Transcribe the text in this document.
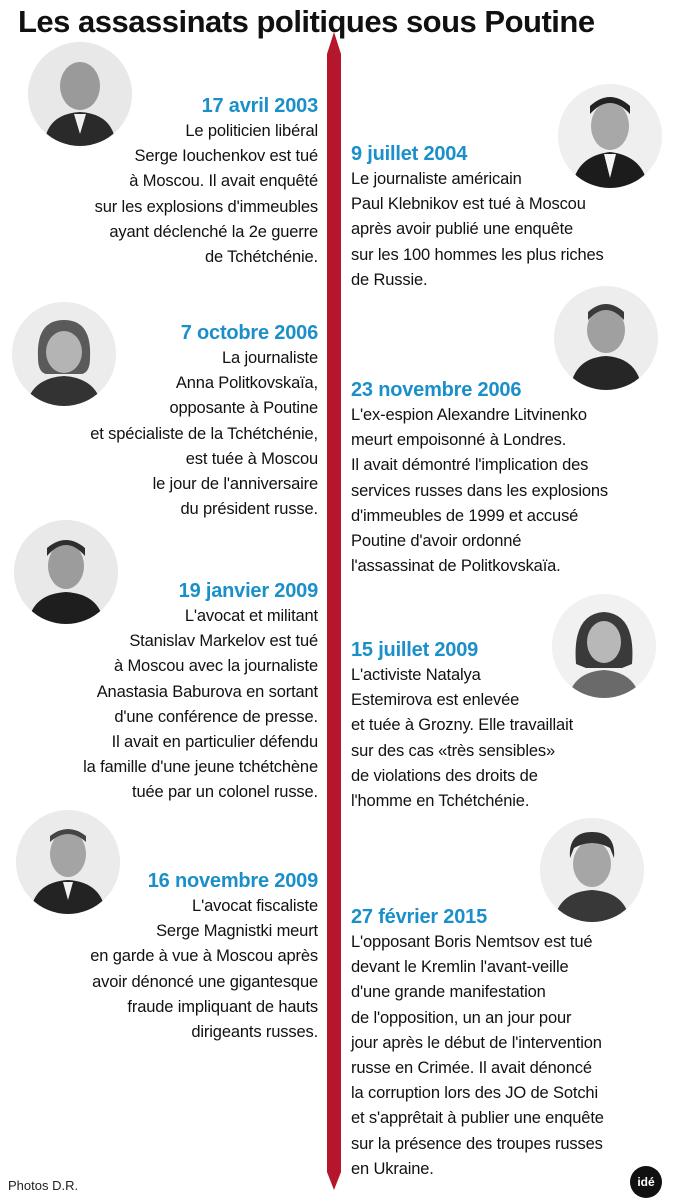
Les assassinats politiques sous Poutine
17 avril 2003
Le politicien libéral
Serge Iouchenkov est tué
à Moscou. Il avait enquêté
sur les explosions d'immeubles
ayant déclenché la 2e guerre
de Tchétchénie.
9 juillet 2004
Le journaliste américain
Paul Klebnikov est tué à Moscou
après avoir publié une enquête
sur les 100 hommes les plus riches
de Russie.
7 octobre 2006
La journaliste
Anna Politkovskaïa,
opposante à Poutine
et spécialiste de la Tchétchénie,
est tuée à Moscou
le jour de l'anniversaire
du président russe.
23 novembre 2006
L'ex-espion Alexandre Litvinenko
meurt empoisonné à Londres.
Il avait démontré l'implication des
services russes dans les explosions
d'immeubles de 1999 et accusé
Poutine d'avoir ordonné
l'assassinat de Politkovskaïa.
19 janvier 2009
L'avocat et militant
Stanislav Markelov est tué
à Moscou avec la journaliste
Anastasia Baburova en sortant
d'une conférence de presse.
Il avait en particulier défendu
la famille d'une jeune tchétchène
tuée par un colonel russe.
15 juillet 2009
L'activiste Natalya
Estemirova est enlevée
et tuée à Grozny. Elle travaillait
sur des cas «très sensibles»
de violations des droits de
l'homme en Tchétchénie.
16 novembre 2009
L'avocat fiscaliste
Serge Magnistki meurt
en garde à vue à Moscou après
avoir dénoncé une gigantesque
fraude impliquant de hauts
dirigeants russes.
27 février 2015
L'opposant Boris Nemtsov est tué
devant le Kremlin l'avant-veille
d'une grande manifestation
de l'opposition, un an jour pour
jour après le début de l'intervention
russe en Crimée. Il avait dénoncé
la corruption lors des JO de Sotchi
et s'apprêtait à publier une enquête
sur la présence des troupes russes
en Ukraine.
Photos D.R.	idé
